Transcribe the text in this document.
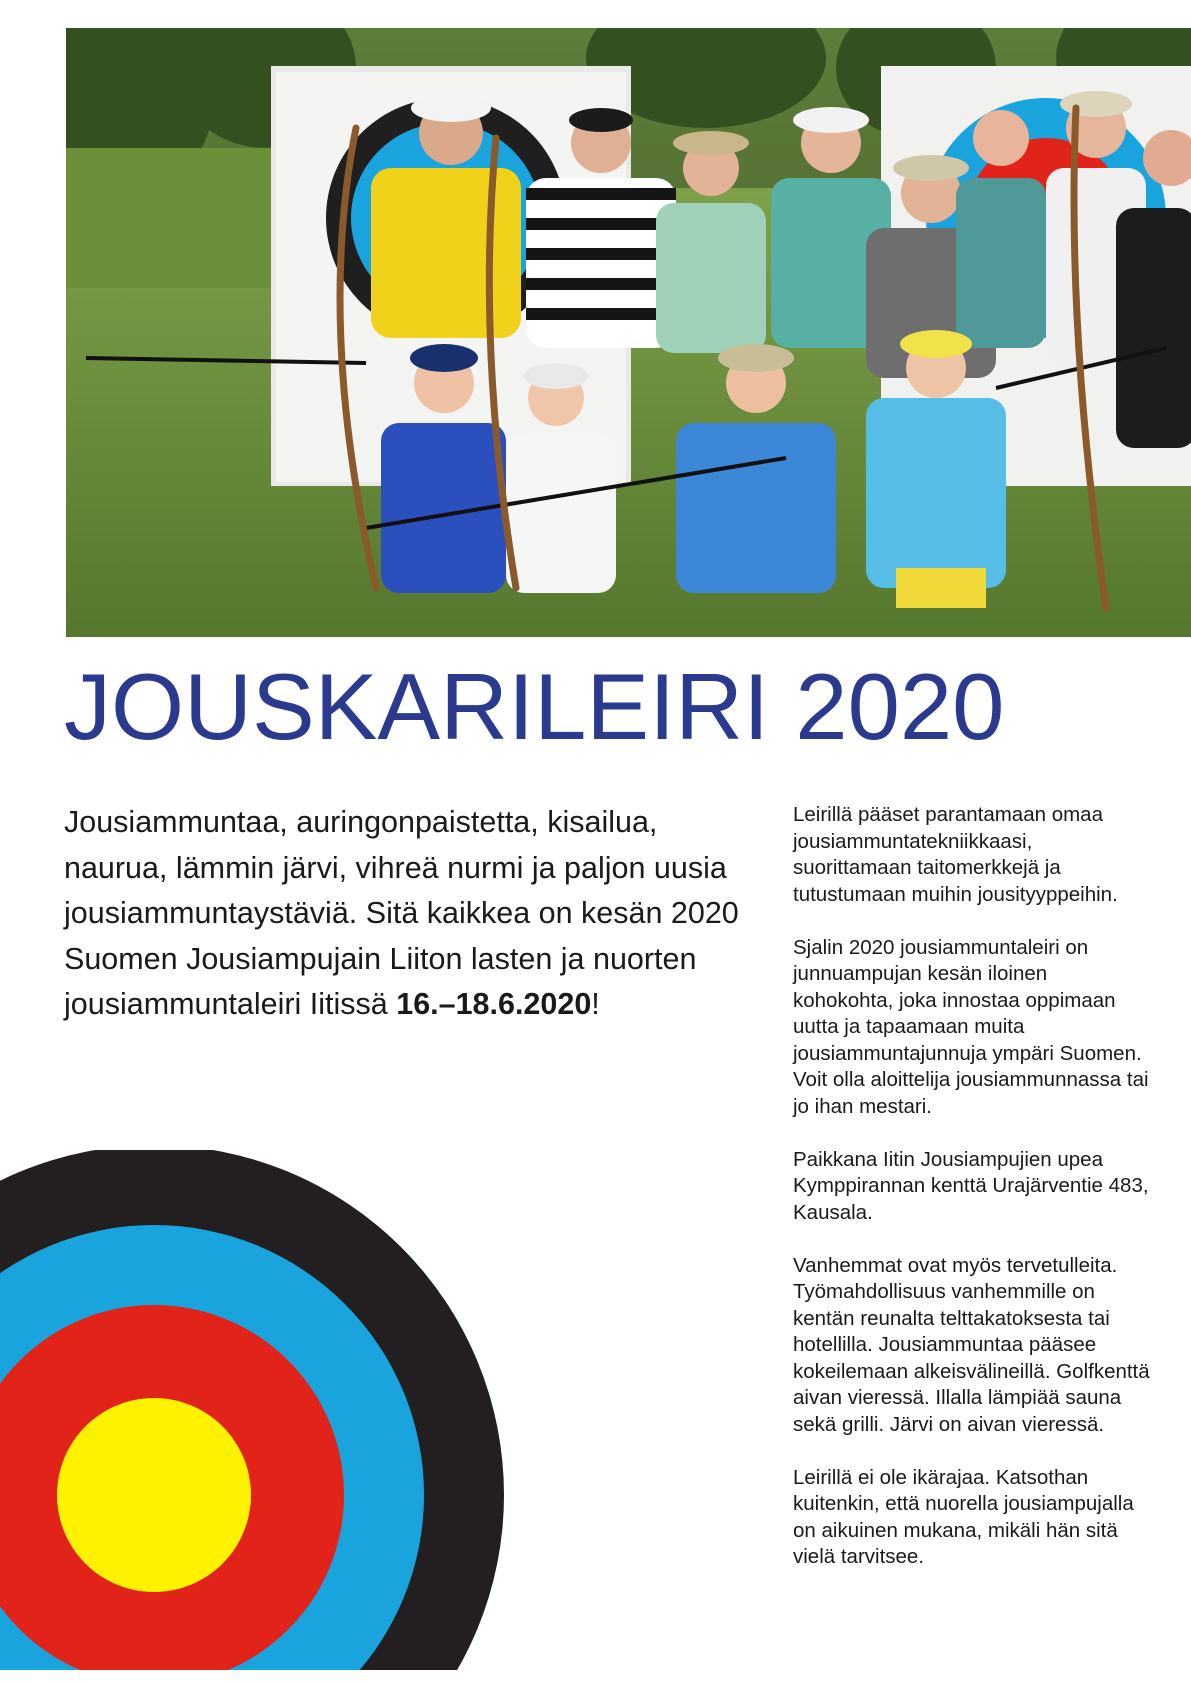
JOUSKARILEIRI 2020

Jousiammuntaa, auringonpaistetta, kisailua, naurua, lämmin järvi, vihreä nurmi ja paljon uusia jousiammuntaystäviä. Sitä kaikkea on kesän 2020 Suomen Jousiampujain Liiton lasten ja nuorten jousiammuntaleiri Iitissä 16.–18.6.2020!

Leirillä pääset parantamaan omaa jousiammuntatekniikkaasi, suorittamaan taitomerkkejä ja tutustumaan muihin jousityyppeihin.

Sjalin 2020 jousiammuntaleiri on junnuampujan kesän iloinen kohokohta, joka innostaa oppimaan uutta ja tapaamaan muita jousiammuntajunnuja ympäri Suomen. Voit olla aloittelija jousiammunnassa tai jo ihan mestari.

Paikkana Iitin Jousiampujien upea Kymppirannan kenttä Urajärventie 483, Kausala.

Vanhemmat ovat myös tervetulleita. Työmahdollisuus vanhemmille on kentän reunalta telttakatoksesta tai hotellilla. Jousiammuntaa pääsee kokeilemaan alkeisvälineillä. Golfkenttä aivan vieressä. Illalla lämpiää sauna sekä grilli. Järvi on aivan vieressä.

Leirillä ei ole ikärajaa. Katsothan kuitenkin, että nuorella jousiampujalla on aikuinen mukana, mikäli hän sitä vielä tarvitsee.
